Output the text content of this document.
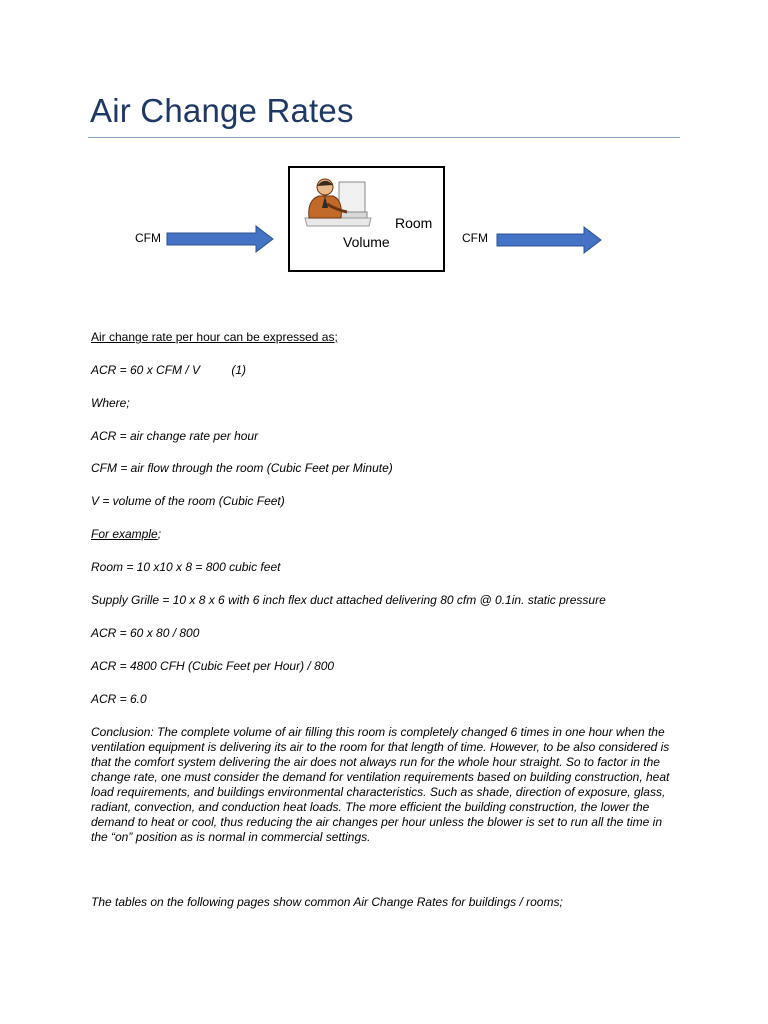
Air Change Rates
CFM
Room
Volume	CFM
Air change rate per hour can be expressed as;
ACR = 60 x CFM / V	(1)
Where;
ACR = air change rate per hour
CFM = air flow through the room (Cubic Feet per Minute)
V = volume of the room (Cubic Feet)
For example;
Room = 10 x10 x 8 = 800 cubic feet
Supply Grille = 10 x 8 x 6 with 6 inch flex duct attached delivering 80 cfm @ 0.1in. static pressure
ACR = 60 x 80 / 800
ACR = 4800 CFH (Cubic Feet per Hour) / 800
ACR = 6.0
Conclusion: The complete volume of air filling this room is completely changed 6 times in one hour when the ventilation equipment is delivering its air to the room for that length of time. However, to be also considered is that the comfort system delivering the air does not always run for the whole hour straight. So to factor in the change rate, one must consider the demand for ventilation requirements based on building construction, heat load requirements, and buildings environmental characteristics. Such as shade, direction of exposure, glass, radiant, convection, and conduction heat loads. The more efficient the building construction, the lower the demand to heat or cool, thus reducing the air changes per hour unless the blower is set to run all the time in the “on” position as is normal in commercial settings.
The tables on the following pages show common Air Change Rates for buildings / rooms;
